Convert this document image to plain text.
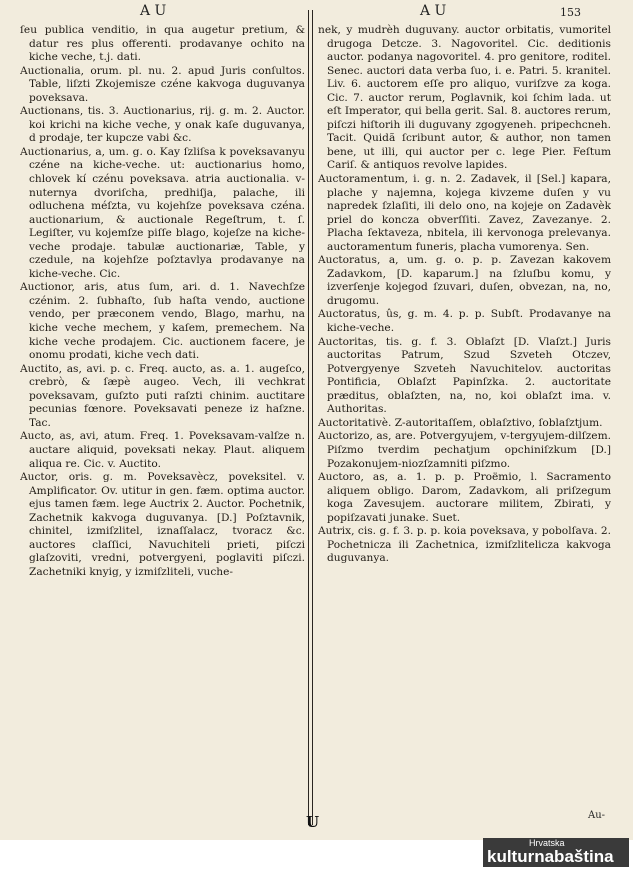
A U	A U	153

ſeu publica venditio, in qua augetur pretium, & datur res plus offerenti. prodavanye ochito na kiche veche, t.j. dati.

Auctionalia, orum. pl. nu. 2. apud Juris conſultos. Table, liſzti Zkojemisze czéne kakvoga duguvanya poveksava.

Auctionans, tis. 3. Auctionarius, rij. g. m. 2. Auctor. koi krichi na kiche veche, y onak kaſe duguvanya, d prodaje, ter kupcze vabi &c.

Auctionarius, a, um. g. o. Kay ſzliſsa k poveksavanyu czéne na kiche-veche. ut: auctionarius homo, chlovek kí czénu poveksava. atria auctionalia. v-nuternya dvoriſcha, predhiſja, palache, ili odluchena méſzta, vu kojehſze poveksava czéna. auctionarium, & auctionale Regeſtrum, t. ſ. Legiſter, vu kojemſze piſſe blago, kojeſze na kiche-veche prodaje. tabulæ auctionariæ, Table, y czedule, na kojehſze poſztavlya prodavanye na kiche-veche. Cic.

Auctionor, aris, atus ſum, ari. d. 1. Navechſze czénim. 2. ſubhaſto, ſub haſta vendo, auctione vendo, per præconem vendo, Blago, marhu, na kiche veche mechem, y kaſem, premechem. Na kiche veche prodajem. Cic. auctionem facere, je onomu prodati, kiche vech dati.

Auctito, as, avi. p. c. Freq. aucto, as. a. 1. augeſco, crebrò, & ſæpè augeo. Vech, ili vechkrat poveksavam, guſzto puti raſzti chinim. auctitare pecunias fœnore. Poveksavati peneze iz haſzne. Tac.

Aucto, as, avi, atum. Freq. 1. Poveksavam-valſze n. auctare aliquid, poveksati nekay. Plaut. aliquem aliqua re. Cic. v. Auctito.

Auctor, oris. g. m. Poveksavècz, poveksitel. v. Amplificator. Ov. utitur in gen. fæm. optima auctor. ejus tamen fæm. lege Auctrix 2. Auctor. Pochetnik, Zachetnik kakvoga duguvanya. [D.] Poſztavnik, chinitel, izmiſzlitel, iznaſſalacz, tvoracz &c. auctores claſſici, Navuchiteli prieti, piſczi glaſzoviti, vredni, potvergyeni, poglaviti piſczi. Zachetniki knyig, y izmiſzliteli, vuche-

nek, y mudrèh duguvany. auctor orbitatis, vumoritel drugoga Detcze. 3. Nagovoritel. Cic. deditionis auctor. podanya nagovoritel. 4. pro genitore, roditel. Senec. auctori data verba ſuo, i. e. Patri. 5. kranitel. Liv. 6. auctorem eſſe pro aliquo, vuriſzve za koga. Cic. 7. auctor rerum, Poglavnik, koi ſchim lada. ut eſt Imperator, qui bella gerit. Sal. 8. auctores rerum, piſczi hiſtorih ili duguvany zgogyeneh. pripechcneh. Tacit. Quidã ſcribunt autor, & author, non tamen bene, ut illi, qui auctor per c. lege Pier. Feſtum Cariſ. & antiquos revolve lapides.

Auctoramentum, i. g. n. 2. Zadavek, il [Sel.] kapara, plache y najemna, kojega kivzeme duſen y vu napredek ſzlaſiti, ili delo ono, na kojeje on Zadavèk priel do koncza obverſſiti. Zavez, Zavezanye. 2. Placha ſektaveza, nbitela, ili kervonoga prelevanya. auctoramentum funeris, placha vumorenya. Sen.

Auctoratus, a, um. g. o. p. p. Zavezan kakovem Zadavkom, [D. kaparum.] na ſzluſbu komu, y izverſenje kojegod ſzuvari, duſen, obvezan, na, no, drugomu.

Auctoratus, ûs, g. m. 4. p. p. Subſt. Prodavanye na kiche-veche.

Auctoritas, tis. g. f. 3. Oblaſzt [D. Vlaſzt.] Juris auctoritas Patrum, Szud Szveteh Otczev, Potvergyenye Szveteh Navuchitelov. auctoritas Pontificia, Oblaſzt Papinſzka. 2. auctoritate præditus, oblaſzten, na, no, koi oblaſzt ima. v. Authoritas.

Auctoritativè. Z-autoritaſſem, oblaſztivo, ſoblaſztjum.

Auctorizo, as, are. Potvergyujem, v-tergyujem-dilſzem. Piſzmo tverdim pechatjum opchiniſzkum [D.] Pozakonujem-niozſzamniti piſzmo.

Auctoro, as, a. 1. p. p. Proëmio, l. Sacramento aliquem obligo. Darom, Zadavkom, ali priſzegum koga Zavesujem. auctorare militem, Zbirati, y popiſzavati junake. Suet.

Autrix, cis. g. f. 3. p. p. koia poveksava, y pobolſava. 2. Pochetnicza ili Zachetnica, izmiſzlitelicza kakvoga duguvanya.

U	Au-
Hrvatska
kulturnabaština
